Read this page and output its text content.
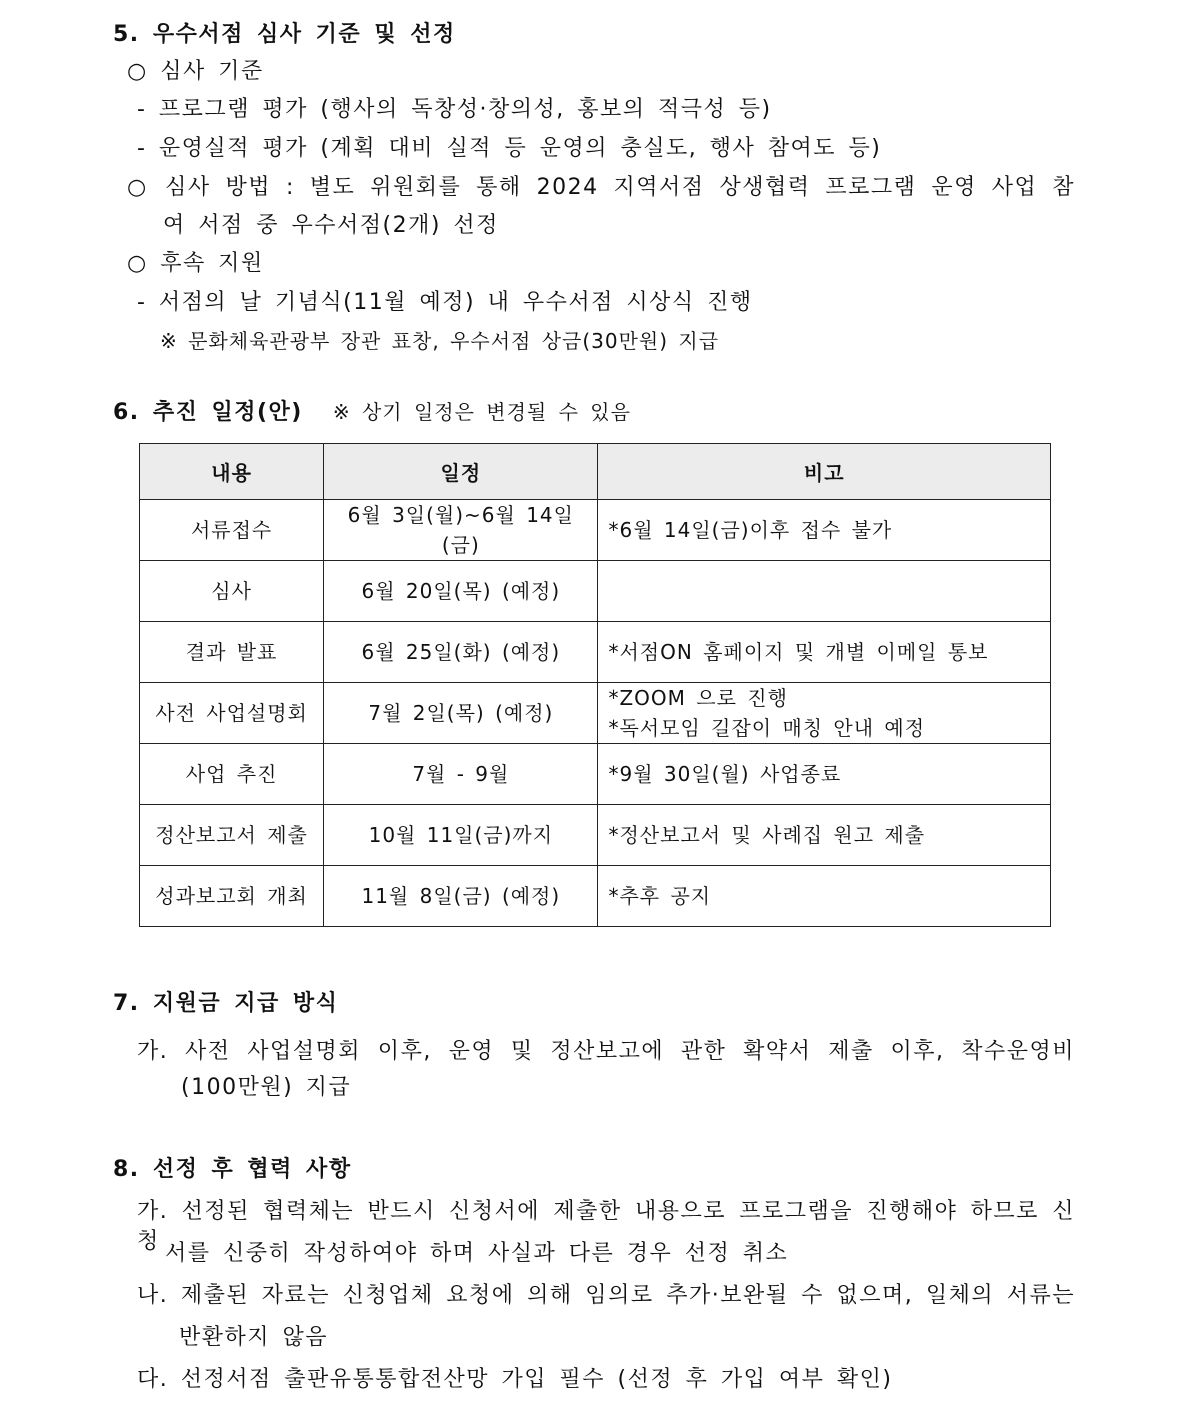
5. 우수서점 심사 기준 및 선정
○ 심사 기준
- 프로그램 평가 (행사의 독창성·창의성, 홍보의 적극성 등)
- 운영실적 평가 (계획 대비 실적 등 운영의 충실도, 행사 참여도 등)
○ 심사 방법 : 별도 위원회를 통해 2024 지역서점 상생협력 프로그램 운영 사업 참
여 서점 중 우수서점(2개) 선정
○ 후속 지원
- 서점의 날 기념식(11월 예정) 내 우수서점 시상식 진행
※ 문화체육관광부 장관 표창, 우수서점 상금(30만원) 지급
6. 추진 일정(안) ※ 상기 일정은 변경될 수 있음
내용	일정	비고
서류접수	6월 3일(월)~6월 14일(금)	*6월 14일(금)이후 접수 불가
심사	6월 20일(목) (예정)	
결과 발표	6월 25일(화) (예정)	*서점ON 홈페이지 및 개별 이메일 통보
사전 사업설명회	7월 2일(목) (예정)	*ZOOM 으로 진행
*독서모임 길잡이 매칭 안내 예정

사업 추진	7월 - 9월	*9월 30일(월) 사업종료
정산보고서 제출	10월 11일(금)까지	*정산보고서 및 사례집 원고 제출
성과보고회 개최	11월 8일(금) (예정)	*추후 공지
7. 지원금 지급 방식
가. 사전 사업설명회 이후, 운영 및 정산보고에 관한 확약서 제출 이후, 착수운영비
(100만원) 지급
8. 선정 후 협력 사항
가. 선정된 협력체는 반드시 신청서에 제출한 내용으로 프로그램을 진행해야 하므로 신청 서를 신중히 작성하여야 하며 사실과 다른 경우 선정 취소
나. 제출된 자료는 신청업체 요청에 의해 임의로 추가·보완될 수 없으며, 일체의 서류는
반환하지 않음
다. 선정서점 출판유통통합전산망 가입 필수 (선정 후 가입 여부 확인)
